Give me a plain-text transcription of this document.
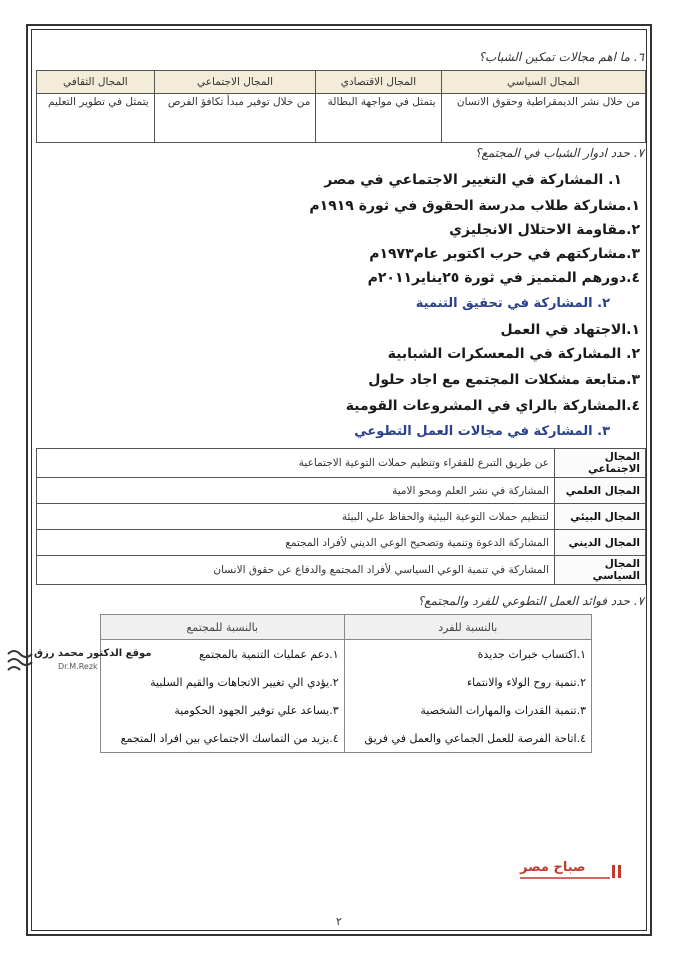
٦. ما اهم مجالات تمكين الشباب؟
المجال السياسي	المجال الاقتصادي	المجال الاجتماعي	المجال الثقافي
من خلال نشر الديمقراطية وحقوق الانسان	يتمثل في مواجهة البطالة	من خلال توفير مبدأ تكافؤ الفرص	يتمثل في تطوير التعليم
٧. حدد ادوار الشباب في المجتمع؟
١. المشاركة في التغيير الاجتماعي في مصر
١.مشاركة طلاب مدرسة الحقوق في ثورة ١٩١٩م
٢.مقاومة الاحتلال الانجليزي
٣.مشاركتهم في حرب اكتوبر عام١٩٧٣م
٤.دورهم المتميز في ثورة ٢٥يناير٢٠١١م
٢. المشاركة في تحقيق التنمية
١.الاجتهاد في العمل
٢. المشاركة في المعسكرات الشبابية
٣.متابعة مشكلات المجتمع مع اجاد حلول
٤.المشاركة بالراي في المشروعات القومية
٣. المشاركة في مجالات العمل التطوعي
المجال الاجتماعي	عن طريق التبرع للفقراء وتنظيم حملات التوعية الاجتماعية
المجال العلمي	المشاركة في نشر العلم ومحو الامية
المجال البيئي	لتنظيم حملات التوعية البيئية والحفاظ علي البيئة
المجال الديني	المشاركة الدعوة وتنمية وتصحيح الوعي الديني لأفراد المجتمع
المجال السياسي	المشاركة في تنمية الوعي السياسي لأفراد المجتمع والدفاع عن حقوق الانسان
٧. حدد فوائد العمل التطوعي للفرد والمجتمع؟
بالنسبة للفرد	بالنسبة للمجتمع
١.اكتساب خبرات جديدة	١.دعم عمليات التنمية بالمجتمع
٢.تنمية روح الولاء والانتماء	٢.يؤدي الي تغيير الاتجاهات والقيم السلبية
٣.تنمية القدرات والمهارات الشخصية	٣.يساعد علي توفير الجهود الحكومية
٤.اتاحة الفرصة للعمل الجماعي والعمل في فريق	٤.يزيد من التماسك الاجتماعي بين افراد المتجمع
موقع الدكتور محمد رزق
Dr.M.Rezk
صباح مصر
٢
